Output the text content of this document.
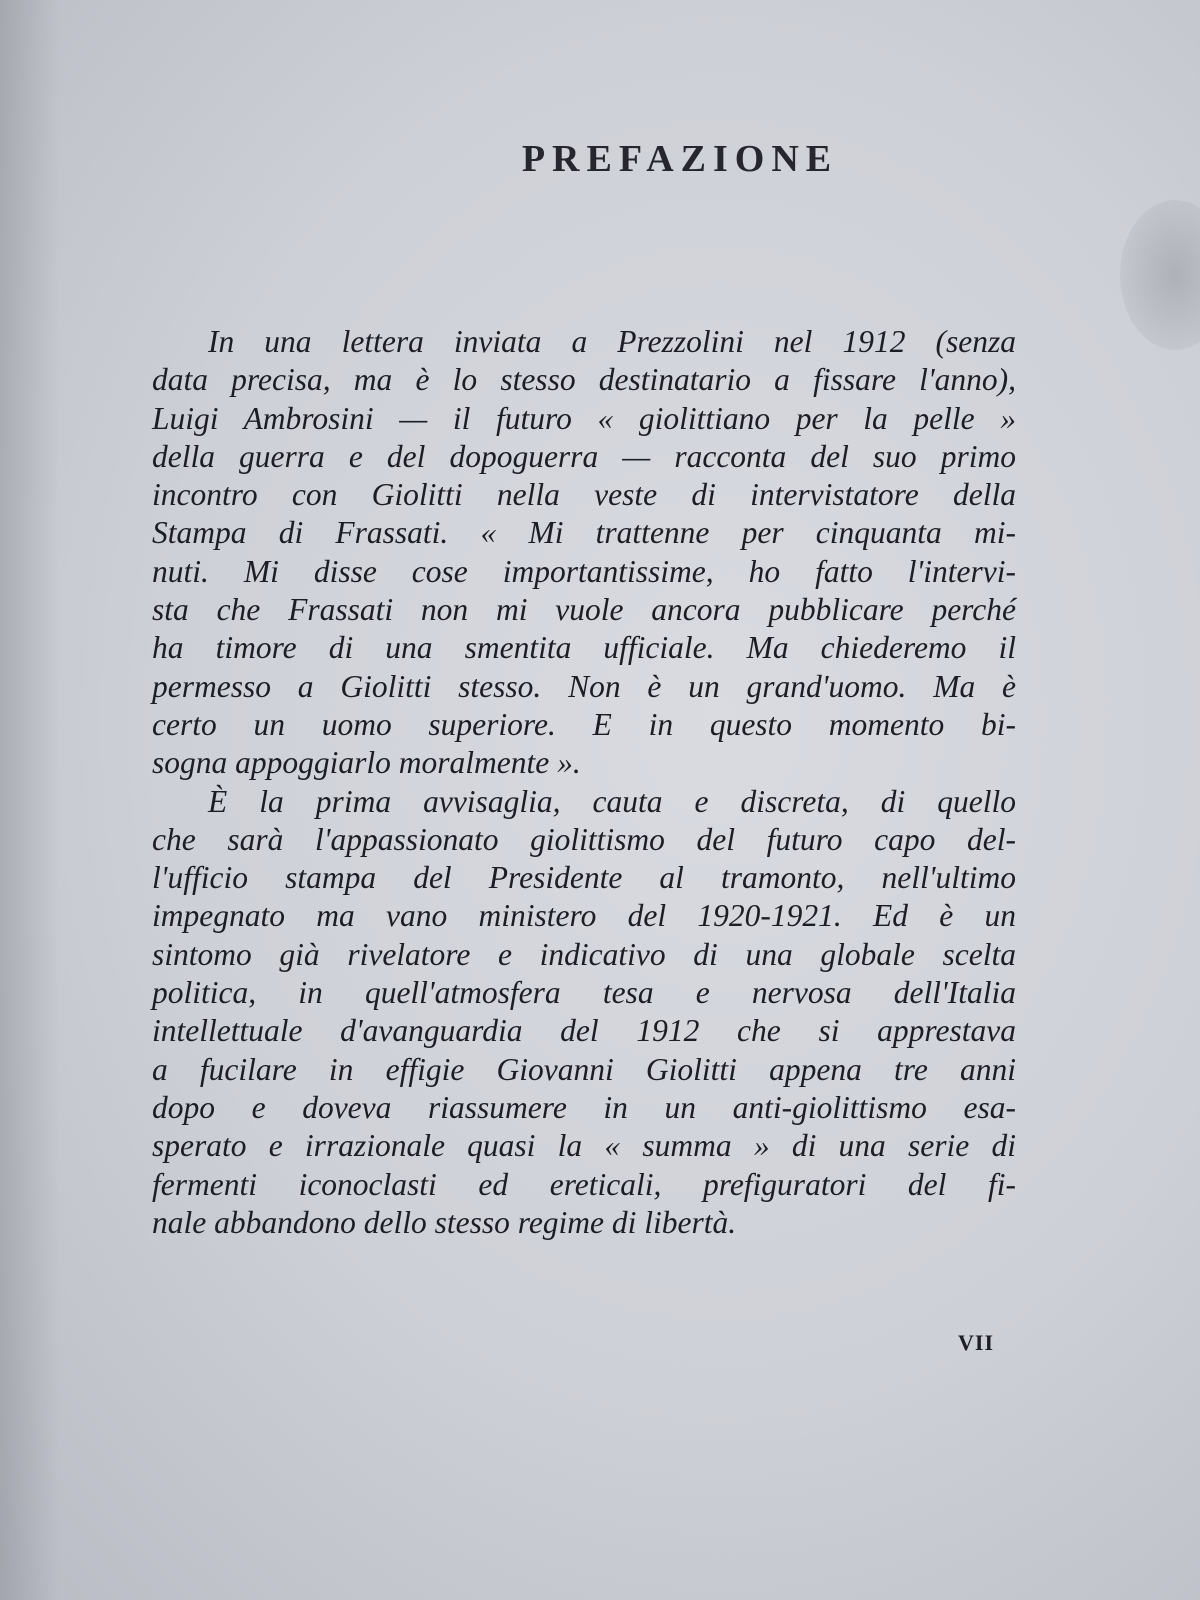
PREFAZIONE
In una lettera inviata a Prezzolini nel 1912 (senza
data precisa, ma è lo stesso destinatario a fissare l'anno),
Luigi Ambrosini — il futuro « giolittiano per la pelle »
della guerra e del dopoguerra — racconta del suo primo
incontro con Giolitti nella veste di intervistatore della
Stampa di Frassati. « Mi trattenne per cinquanta mi-
nuti. Mi disse cose importantissime, ho fatto l'intervi-
sta che Frassati non mi vuole ancora pubblicare perché
ha timore di una smentita ufficiale. Ma chiederemo il
permesso a Giolitti stesso. Non è un grand'uomo. Ma è
certo un uomo superiore. E in questo momento bi-
sogna appoggiarlo moralmente ».
È la prima avvisaglia, cauta e discreta, di quello
che sarà l'appassionato giolittismo del futuro capo del-
l'ufficio stampa del Presidente al tramonto, nell'ultimo
impegnato ma vano ministero del 1920-1921. Ed è un
sintomo già rivelatore e indicativo di una globale scelta
politica, in quell'atmosfera tesa e nervosa dell'Italia
intellettuale d'avanguardia del 1912 che si apprestava
a fucilare in effigie Giovanni Giolitti appena tre anni
dopo e doveva riassumere in un anti-giolittismo esa-
sperato e irrazionale quasi la « summa » di una serie di
fermenti iconoclasti ed ereticali, prefiguratori del fi-
nale abbandono dello stesso regime di libertà.
VII
